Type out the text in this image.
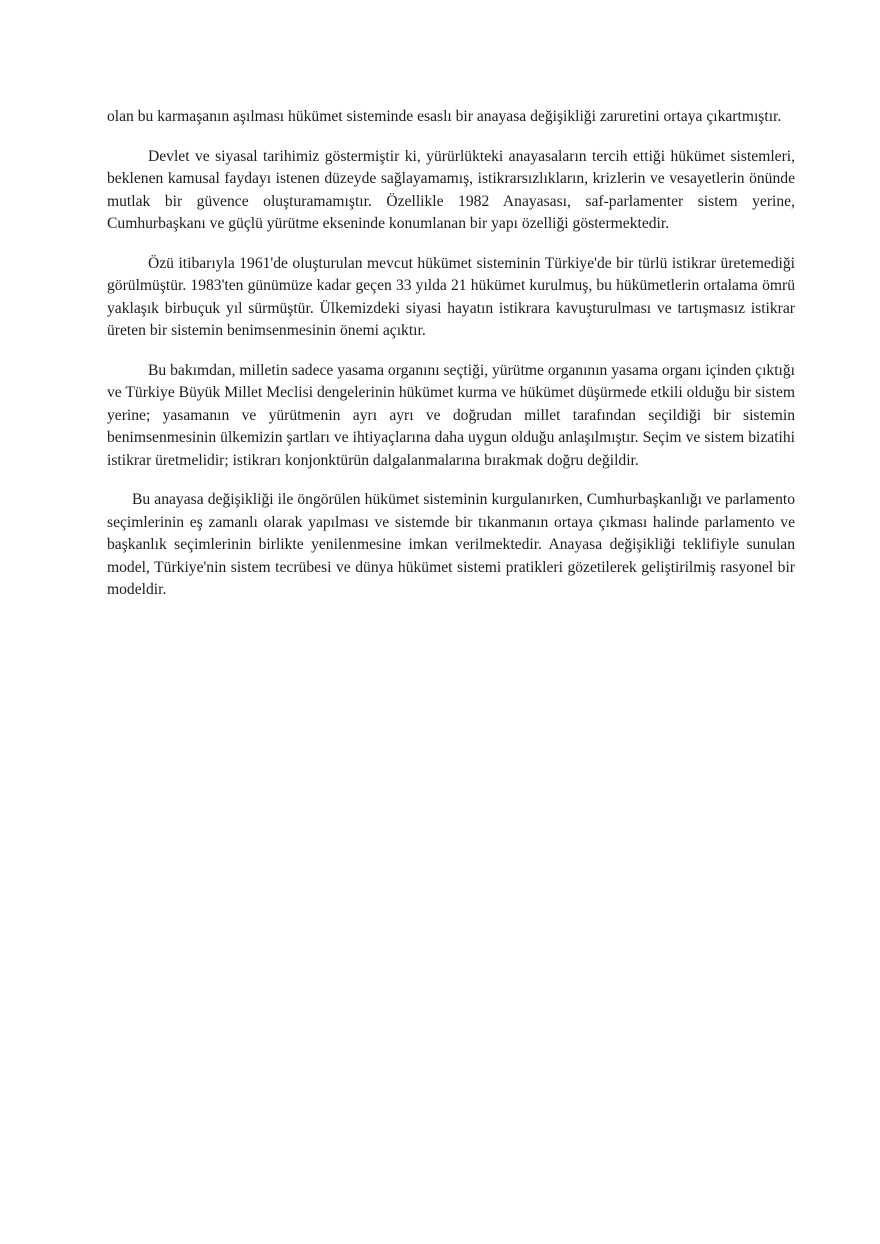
olan bu karmaşanın aşılması hükümet sisteminde esaslı bir anayasa değişikliği zaruretini ortaya çıkartmıştır.

Devlet ve siyasal tarihimiz göstermiştir ki, yürürlükteki anayasaların tercih ettiği hükümet sistemleri, beklenen kamusal faydayı istenen düzeyde sağlayamamış, istikrarsızlıkların, krizlerin ve vesayetlerin önünde mutlak bir güvence oluşturamamıştır. Özellikle 1982 Anayasası, saf-parlamenter sistem yerine, Cumhurbaşkanı ve güçlü yürütme ekseninde konumlanan bir yapı özelliği göstermektedir.

Özü itibarıyla 1961'de oluşturulan mevcut hükümet sisteminin Türkiye'de bir türlü istikrar üretemediği görülmüştür. 1983'ten günümüze kadar geçen 33 yılda 21 hükümet kurulmuş, bu hükümetlerin ortalama ömrü yaklaşık birbuçuk yıl sürmüştür. Ülkemizdeki siyasi hayatın istikrara kavuşturulması ve tartışmasız istikrar üreten bir sistemin benimsenmesinin önemi açıktır.

Bu bakımdan, milletin sadece yasama organını seçtiği, yürütme organının yasama organı içinden çıktığı ve Türkiye Büyük Millet Meclisi dengelerinin hükümet kurma ve hükümet düşürmede etkili olduğu bir sistem yerine; yasamanın ve yürütmenin ayrı ayrı ve doğrudan millet tarafından seçildiği bir sistemin benimsenmesinin ülkemizin şartları ve ihtiyaçlarına daha uygun olduğu anlaşılmıştır. Seçim ve sistem bizatihi istikrar üretmelidir; istikrarı konjonktürün dalgalanmalarına bırakmak doğru değildir.

Bu anayasa değişikliği ile öngörülen hükümet sisteminin kurgulanırken, Cumhurbaşkanlığı ve parlamento seçimlerinin eş zamanlı olarak yapılması ve sistemde bir tıkanmanın ortaya çıkması halinde parlamento ve başkanlık seçimlerinin birlikte yenilenmesine imkan verilmektedir. Anayasa değişikliği teklifiyle sunulan model, Türkiye'nin sistem tecrübesi ve dünya hükümet sistemi pratikleri gözetilerek geliştirilmiş rasyonel bir modeldir.
